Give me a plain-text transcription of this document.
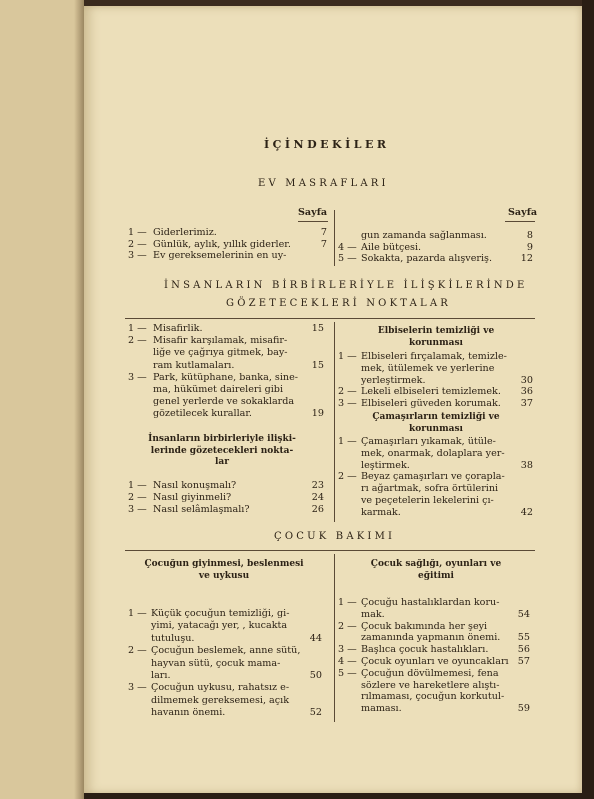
İÇİNDEKİLER
EV MASRAFLARI
Sayfa	Sayfa
1 — Giderlerimiz.	7
2 — Günlük, aylık, yıllık giderler.	7
3 — Ev gereksemelerinin en uy-
gun zamanda sağlanması.	8
4 — Aile bütçesi.	9
5 — Sokakta, pazarda alışveriş.	12
İNSANLARIN BİRBİRLERİYLE İLİŞKİLERİNDE
GÖZETECEKLERİ NOKTALAR
1 — Misafirlik.	15
2 — Misafir karşılamak, misafir-
liğe ve çağrıya gitmek, bay-
ram kutlamaları.	15
3 — Park, kütüphane, banka, sine-
ma, hükümet daireleri gibi
genel yerlerde ve sokaklarda
gözetilecek kurallar.	19
İnsanların birbirleriyle ilişki-
lerinde gözetecekleri nokta-
lar
1 — Nasıl konuşmalı?	23
2 — Nasıl giyinmeli?	24
3 — Nasıl selâmlaşmalı?	26
Elbiselerin temizliği ve
korunması
1 — Elbiseleri fırçalamak, temizle-
mek, ütülemek ve yerlerine
yerleştirmek.	30
2 — Lekeli elbiseleri temizlemek.	36
3 — Elbiseleri güveden korumak.	37
Çamaşırların temizliği ve
korunması
1 — Çamaşırları yıkamak, ütüle-
mek, onarmak, dolaplara yer-
leştirmek.	38
2 — Beyaz çamaşırları ve çorapla-
rı ağartmak, sofra örtülerini
ve peçetelerin lekelerini çı-
karmak.	42
ÇOCUK BAKIMI
Çocuğun giyinmesi, beslenmesi
ve uykusu
1 — Küçük çocuğun temizliği, gi-
yimi, yatacağı yer, , kucakta
tutuluşu.	44
2 — Çocuğun beslemek, anne sütü,
hayvan sütü, çocuk mama-
ları.	50
3 — Çocuğun uykusu, rahatsız e-
dilmemek gereksemesi, açık
havanın önemi.	52
Çocuk sağlığı, oyunları ve
eğitimi
1 — Çocuğu hastalıklardan koru-
mak.	54
2 — Çocuk bakımında her şeyi
zamanında yapmanın önemi.	55
3 — Başlıca çocuk hastalıkları.	56
4 — Çocuk oyunları ve oyuncakları 57
5 — Çocuğun dövülmemesi, fena
sözlere ve hareketlere alıştı-
rılmaması, çocuğun korkutul-
maması.	59
